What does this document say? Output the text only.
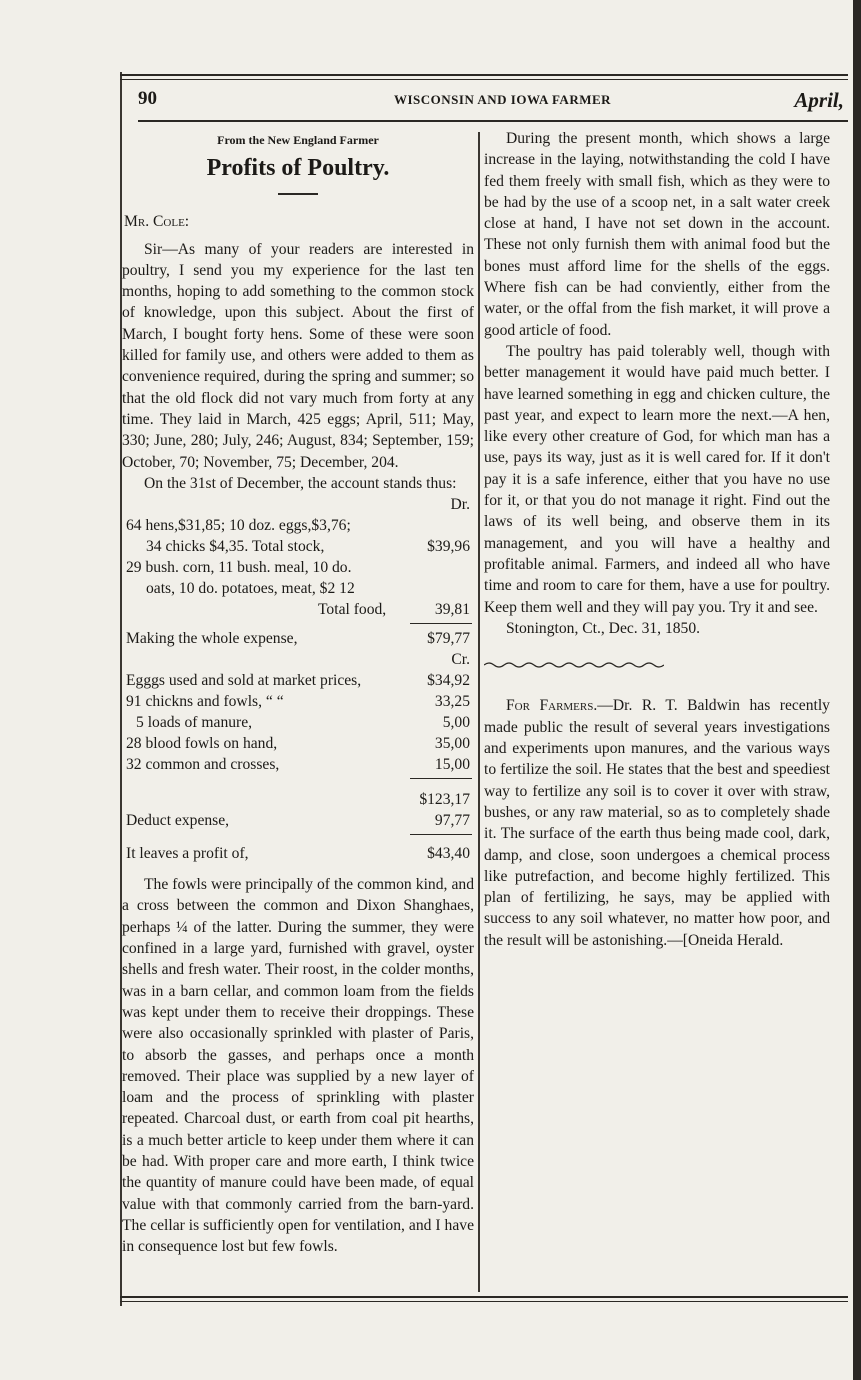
90	WISCONSIN AND IOWA FARMER	April,
From the New England Farmer
Profits of Poultry.
Mr. Cole:

Sir—As many of your readers are interested in poultry, I send you my experience for the last ten months, hoping to add something to the common stock of knowledge, upon this subject. About the first of March, I bought forty hens. Some of these were soon killed for family use, and others were added to them as convenience required, during the spring and summer; so that the old flock did not vary much from forty at any time. They laid in March, 425 eggs; April, 511; May, 330; June, 280; July, 246; August, 834; September, 159; October, 70; November, 75; December, 204.

On the 31st of December, the account stands thus:

Dr.
64 hens,$31,85; 10 doz. eggs,$3,76;
34 chicks $4,35. Total stock,	$39,96
29 bush. corn, 11 bush. meal, 10 do.
oats, 10 do. potatoes, meat, $2 12
Total food,	39,81
Making the whole expense,	$79,77
Cr.
Egggs used and sold at market prices,	$34,92
91 chickns and fowls, “ “	33,25
5 loads of manure,	5,00
28 blood fowls on hand,	35,00
32 common and crosses,	15,00
$123,17
Deduct expense,	97,77
It leaves a profit of,	$43,40

The fowls were principally of the common kind, and a cross between the common and Dixon Shanghaes, perhaps ¼ of the latter. During the summer, they were confined in a large yard, furnished with gravel, oyster shells and fresh water. Their roost, in the colder months, was in a barn cellar, and common loam from the fields was kept under them to receive their droppings. These were also occasionally sprinkled with plaster of Paris, to absorb the gasses, and perhaps once a month removed. Their place was supplied by a new layer of loam and the process of sprinkling with plaster repeated. Charcoal dust, or earth from coal pit hearths, is a much better article to keep under them where it can be had. With proper care and more earth, I think twice the quantity of manure could have been made, of equal value with that commonly carried from the barn-yard. The cellar is sufficiently open for ventilation, and I have in consequence lost but few fowls.

During the present month, which shows a large increase in the laying, notwithstanding the cold I have fed them freely with small fish, which as they were to be had by the use of a scoop net, in a salt water creek close at hand, I have not set down in the account. These not only furnish them with animal food but the bones must afford lime for the shells of the eggs. Where fish can be had conviently, either from the water, or the offal from the fish market, it will prove a good article of food.

The poultry has paid tolerably well, though with better management it would have paid much better. I have learned something in egg and chicken culture, the past year, and expect to learn more the next.—A hen, like every other creature of God, for which man has a use, pays its way, just as it is well cared for. If it don't pay it is a safe inference, either that you have no use for it, or that you do not manage it right. Find out the laws of its well being, and observe them in its management, and you will have a healthy and profitable animal. Farmers, and indeed all who have time and room to care for them, have a use for poultry. Keep them well and they will pay you. Try it and see.

Stonington, Ct., Dec. 31, 1850.

For Farmers.—Dr. R. T. Baldwin has recently made public the result of several years investigations and experiments upon manures, and the various ways to fertilize the soil. He states that the best and speediest way to fertilize any soil is to cover it over with straw, bushes, or any raw material, so as to completely shade it. The surface of the earth thus being made cool, dark, damp, and close, soon undergoes a chemical process like putrefaction, and become highly fertilized. This plan of fertilizing, he says, may be applied with success to any soil whatever, no matter how poor, and the result will be astonishing.—[Oneida Herald.
